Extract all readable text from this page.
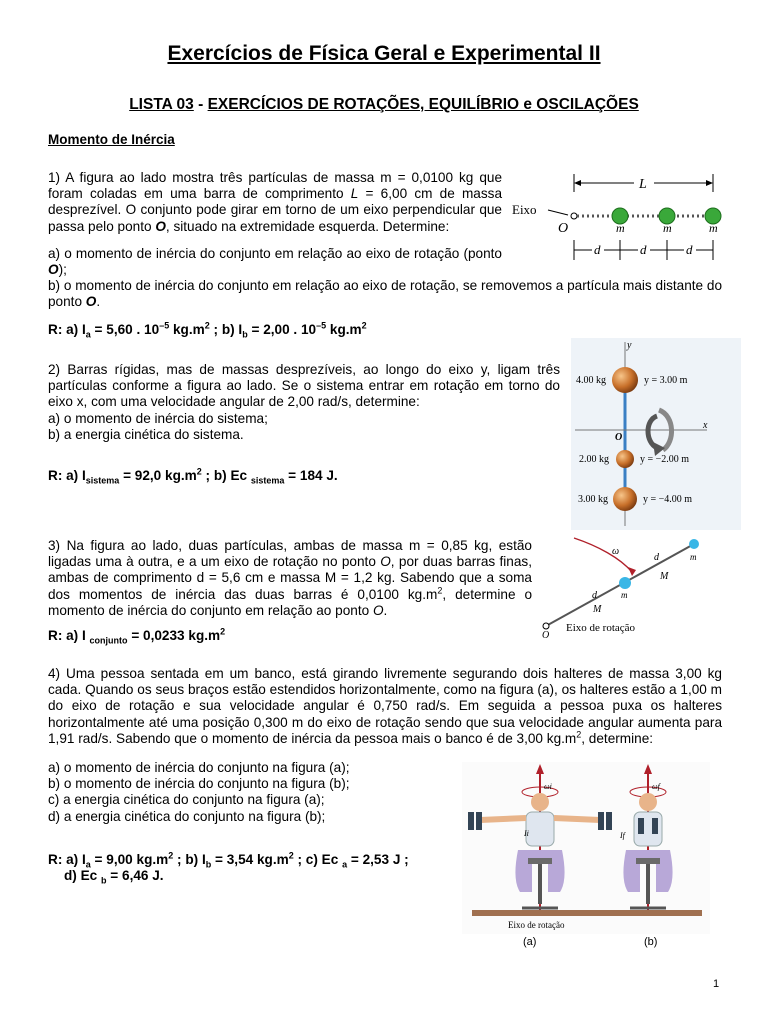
Exercícios de Física Geral e Experimental II
LISTA 03 - EXERCÍCIOS DE ROTAÇÕES, EQUILÍBRIO e OSCILAÇÕES
Momento de Inércia

1) A figura ao lado mostra três partículas de massa m = 0,0100 kg que foram coladas em uma barra de comprimento L = 6,00 cm de massa desprezível. O conjunto pode girar em torno de um eixo perpendicular que passa pelo ponto O, situado na extremidade esquerda. Determine:

a) o momento de inércia do conjunto em relação ao eixo de rotação (ponto O);

b) o momento de inércia do conjunto em relação ao eixo de rotação, se removemos a partícula mais distante do ponto O.

R: a) $I_a = 5,60$ . $10^{-5}$ $kg.m^2$ ; b) $I_b = 2,00$ . $10^{-5}$ $kg.m^2$
L
Eixo
O	m	m	m
d	d	d

2) Barras rígidas, mas de massas desprezíveis, ao longo do eixo y, ligam três partículas conforme a figura ao lado. Se o sistema entrar em rotação em torno do eixo x, com uma velocidade angular de 2,00 rad/s, determine:

a) o momento de inércia do sistema;

b) a energia cinética do sistema.

R: a) $I_{sistema} = 92,0$ $kg.m^2$ ; b) Ec $_{sistema}$ = 184 J.
y
x
O
4.00 kg	y = 3.00 m
2.00 kg	y = −2.00 m
3.00 kg	y = −4.00 m

3) Na figura ao lado, duas partículas, ambas de massa m = 0,85 kg, estão ligadas uma à outra, e a um eixo de rotação no ponto O, por duas barras finas, ambas de comprimento d = 5,6 cm e massa M = 1,2 kg. Sabendo que a soma dos momentos de inércia das duas barras é 0,0100 $kg.m^2$, determine o momento de inércia do conjunto em relação ao ponto O.

R: a) I $_{conjunto}$ = 0,0233 $kg.m^2$
ω	m
m
d
M
d
M
O
Eixo de rotação

4) Uma pessoa sentada em um banco, está girando livremente segurando dois halteres de massa 3,00 kg cada. Quando os seus braços estão estendidos horizontalmente, como na figura (a), os halteres estão a 1,00 m do eixo de rotação e sua velocidade angular é 0,750 rad/s. Em seguida a pessoa puxa os halteres horizontalmente até uma posição 0,300 m do eixo de rotação sendo que sua velocidade angular aumenta para 1,91 rad/s. Sabendo que o momento de inércia da pessoa mais o banco é de 3,00 $kg.m^2$, determine:

a) o momento de inércia do conjunto na figura (a);

b) o momento de inércia do conjunto na figura (b);

c) a energia cinética do conjunto na figura (a);

d) a energia cinética do conjunto na figura (b);

R: a) $I_a = 9,00$ $kg.m^2$ ; b) $I_b = 3,54$ $kg.m^2$ ; c) Ec $_a$ = 2,53 J ;
d) Ec $_b$ = 6,46 J.
ωi
Ii
ωf
If
Eixo de rotação
(a)	(b)
1
